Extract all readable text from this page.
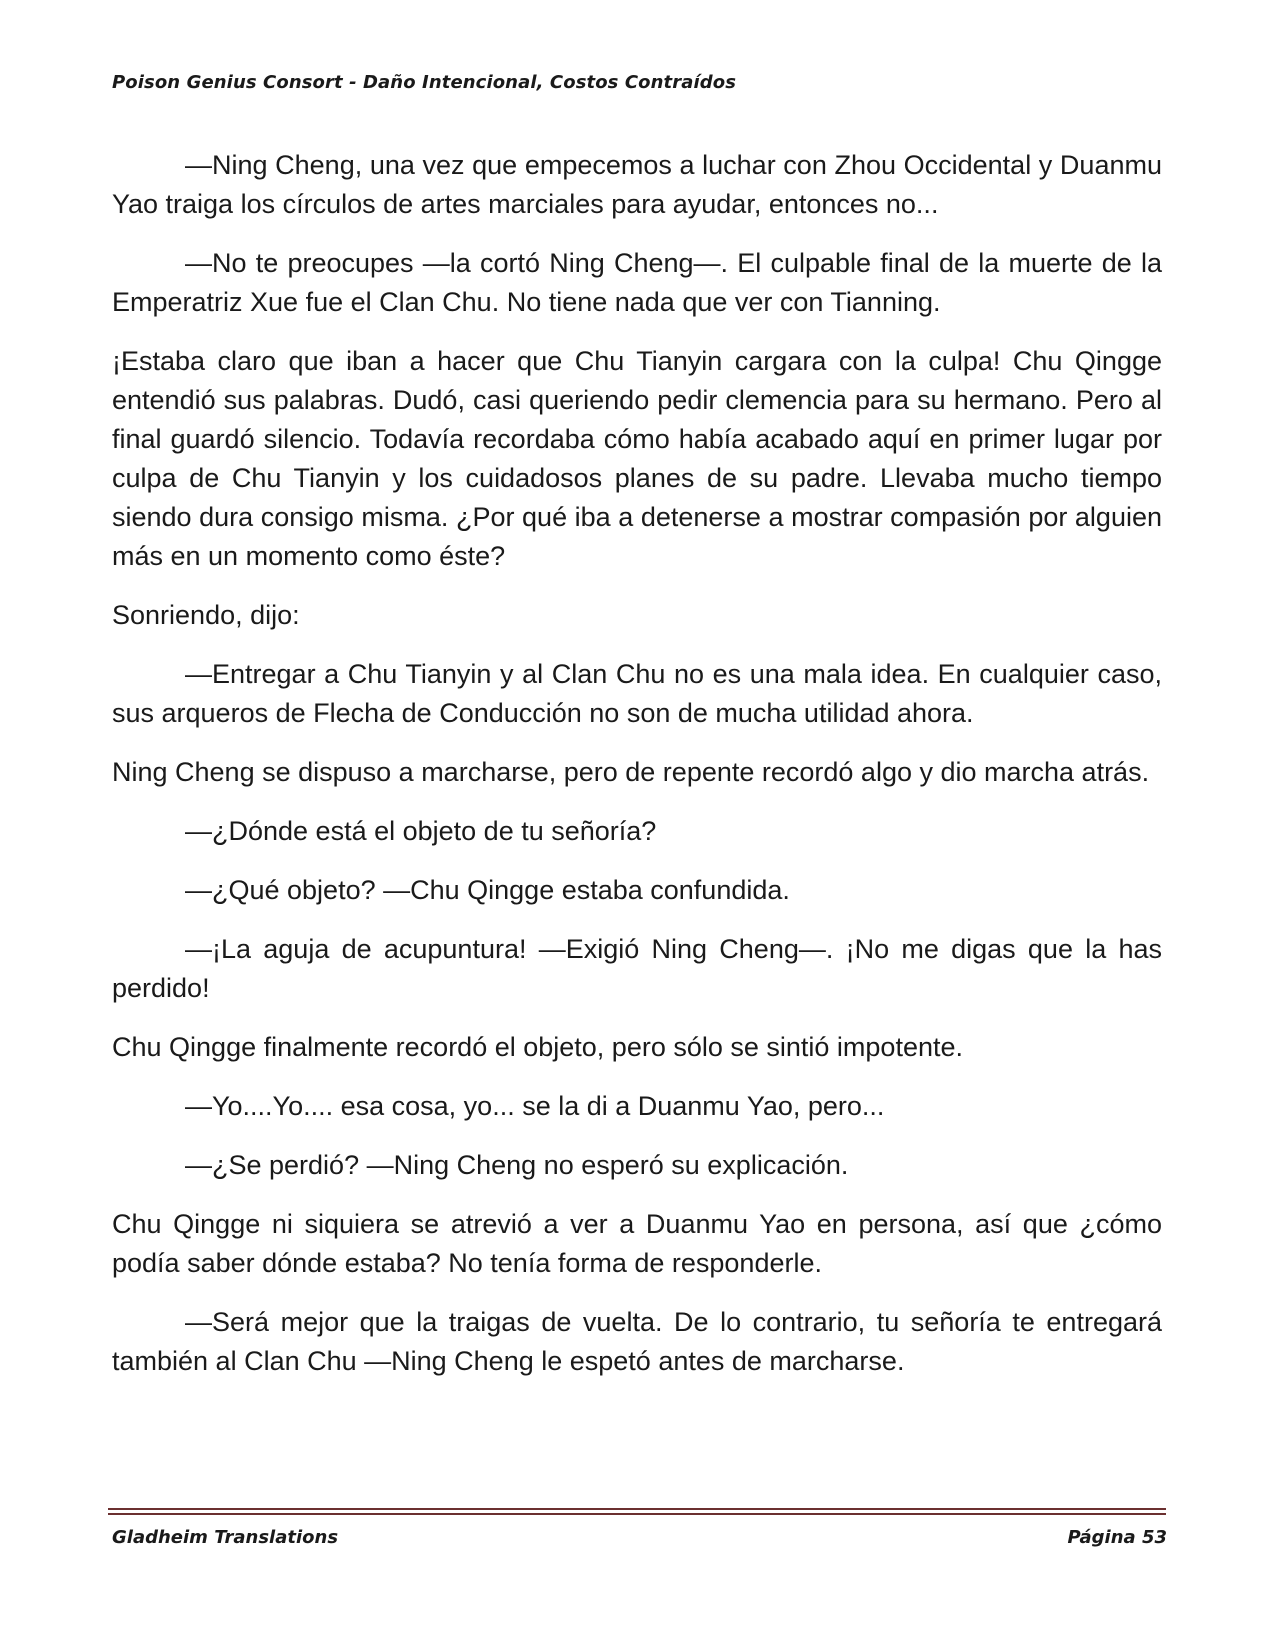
Poison Genius Consort - Daño Intencional, Costos Contraídos

—Ning Cheng, una vez que empecemos a luchar con Zhou Occidental y Duanmu Yao traiga los círculos de artes marciales para ayudar, entonces no...

—No te preocupes —la cortó Ning Cheng—. El culpable final de la muerte de la Emperatriz Xue fue el Clan Chu. No tiene nada que ver con Tianning.

¡Estaba claro que iban a hacer que Chu Tianyin cargara con la culpa! Chu Qingge entendió sus palabras. Dudó, casi queriendo pedir clemencia para su hermano. Pero al final guardó silencio. Todavía recordaba cómo había acabado aquí en primer lugar por culpa de Chu Tianyin y los cuidadosos planes de su padre. Llevaba mucho tiempo siendo dura consigo misma. ¿Por qué iba a detenerse a mostrar compasión por alguien más en un momento como éste?

Sonriendo, dijo:

—Entregar a Chu Tianyin y al Clan Chu no es una mala idea. En cualquier caso, sus arqueros de Flecha de Conducción no son de mucha utilidad ahora.

Ning Cheng se dispuso a marcharse, pero de repente recordó algo y dio marcha atrás.

—¿Dónde está el objeto de tu señoría?

—¿Qué objeto? —Chu Qingge estaba confundida.

—¡La aguja de acupuntura! —Exigió Ning Cheng—. ¡No me digas que la has perdido!

Chu Qingge finalmente recordó el objeto, pero sólo se sintió impotente.

—Yo....Yo.... esa cosa, yo... se la di a Duanmu Yao, pero...

—¿Se perdió? —Ning Cheng no esperó su explicación.

Chu Qingge ni siquiera se atrevió a ver a Duanmu Yao en persona, así que ¿cómo podía saber dónde estaba? No tenía forma de responderle.

—Será mejor que la traigas de vuelta. De lo contrario, tu señoría te entregará también al Clan Chu —Ning Cheng le espetó antes de marcharse.

Gladheim Translations	Página 53
